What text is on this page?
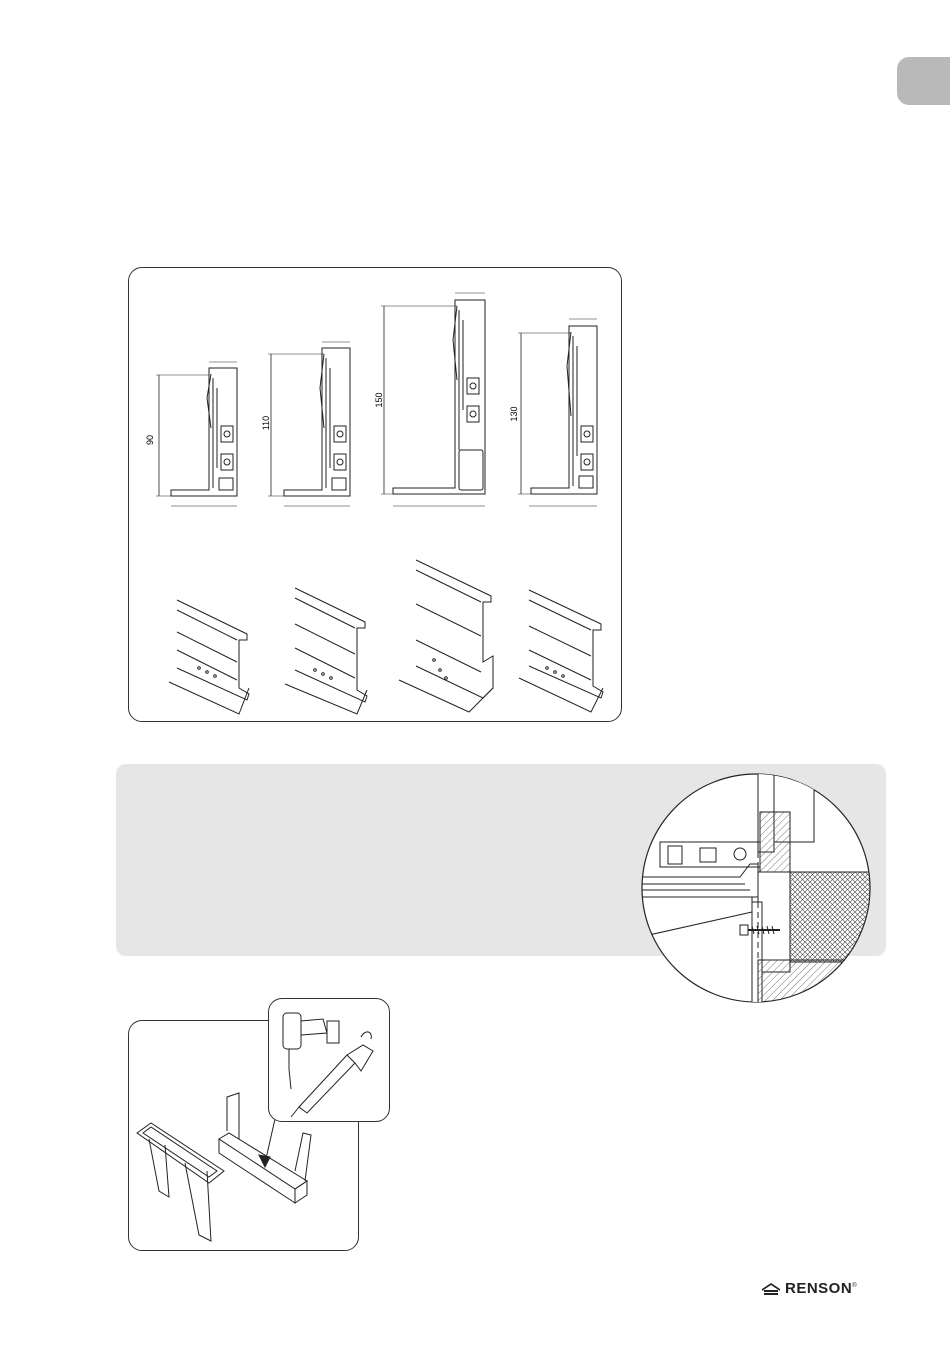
90
110
150
130
RENSON®
